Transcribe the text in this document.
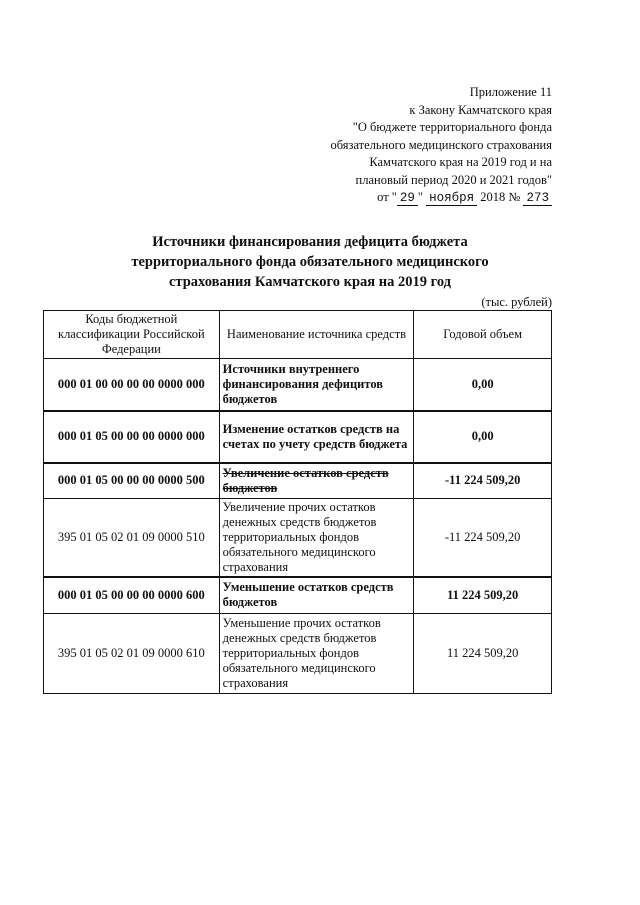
Приложение 11
к Закону Камчатского края
"О бюджете территориального фонда
обязательного медицинского страхования
Камчатского края на 2019 год и на
плановый период 2020 и 2021 годов"
от " 29 " ноября 2018 № 273
Источники финансирования дефицита бюджета
территориального фонда обязательного медицинского
страхования Камчатского края на 2019 год
(тыс. рублей)
Коды бюджетной классификации Российской Федерации	Наименование источника средств	Годовой объем
000 01 00 00 00 00 0000 000	Источники внутреннего финансирования дефицитов бюджетов	0,00
000 01 05 00 00 00 0000 000	Изменение остатков средств на счетах по учету средств бюджета	0,00
000 01 05 00 00 00 0000 500	Увеличение остатков средств бюджетов	-11 224 509,20
395 01 05 02 01 09 0000 510	Увеличение прочих остатков денежных средств бюджетов территориальных фондов обязательного медицинского страхования	-11 224 509,20
000 01 05 00 00 00 0000 600	Уменьшение остатков средств бюджетов	11 224 509,20
395 01 05 02 01 09 0000 610	Уменьшение прочих остатков денежных средств бюджетов территориальных фондов обязательного медицинского страхования	11 224 509,20
